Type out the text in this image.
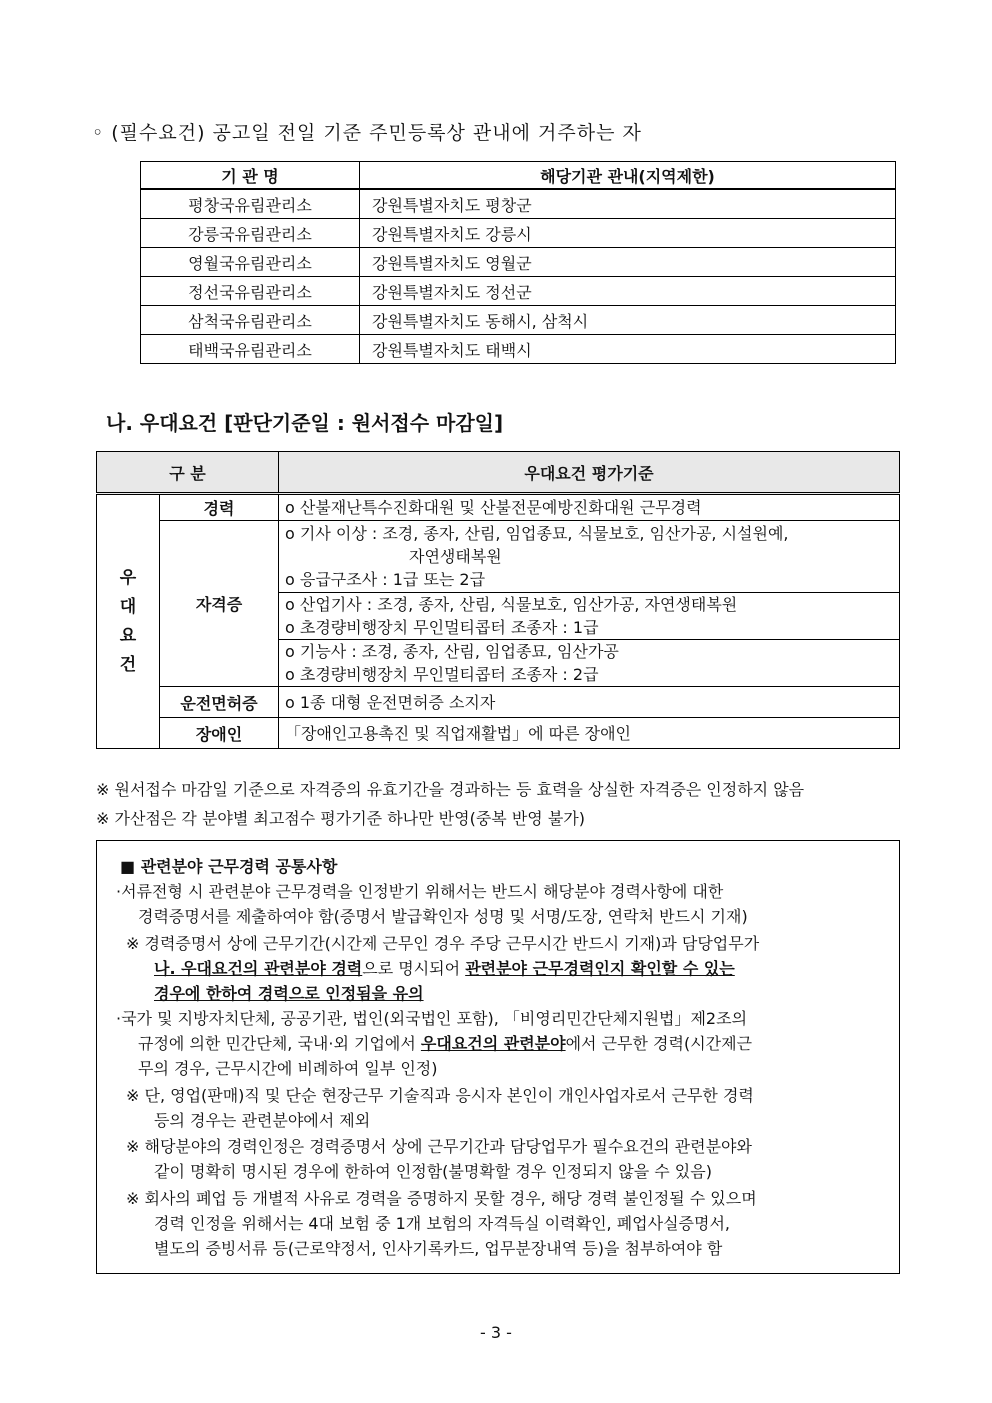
◦ (필수요건) 공고일 전일 기준 주민등록상 관내에 거주하는 자
기 관 명	해당기관 관내(지역제한)
평창국유림관리소	강원특별자치도 평창군
강릉국유림관리소	강원특별자치도 강릉시
영월국유림관리소	강원특별자치도 영월군
정선국유림관리소	강원특별자치도 정선군
삼척국유림관리소	강원특별자치도 동해시, 삼척시
태백국유림관리소	강원특별자치도 태백시
나. 우대요건 [판단기준일 : 원서접수 마감일]
구 분		우대요건 평가기준

우
대
요
건	경력	o 산불재난특수진화대원 및 산불전문예방진화대원 근무경력
	자격증	o 기사 이상 : 조경, 종자, 산림, 임업종묘, 식물보호, 임산가공, 시설원예,
자연생태복원
o 응급구조사 : 1급 또는 2급

		o 산업기사 : 조경, 종자, 산림, 식물보호, 임산가공, 자연생태복원
o 초경량비행장치 무인멀티콥터 조종자 : 1급

		o 기능사 : 조경, 종자, 산림, 임업종묘, 임산가공
o 초경량비행장치 무인멀티콥터 조종자 : 2급

	운전면허증	o 1종 대형 운전면허증 소지자
	장애인	「장애인고용촉진 및 직업재활법」에 따른 장애인
※ 원서접수 마감일 기준으로 자격증의 유효기간을 경과하는 등 효력을 상실한 자격증은 인정하지 않음
※ 가산점은 각 분야별 최고점수 평가기준 하나만 반영(중복 반영 불가)
■ 관련분야 근무경력 공통사항
·서류전형 시 관련분야 근무경력을 인정받기 위해서는 반드시 해당분야 경력사항에 대한
경력증명서를 제출하여야 함(증명서 발급확인자 성명 및 서명/도장, 연락처 반드시 기재)
※ 경력증명서 상에 근무기간(시간제 근무인 경우 주당 근무시간 반드시 기재)과 담당업무가
나. 우대요건의 관련분야 경력으로 명시되어 관련분야 근무경력인지 확인할 수 있는
경우에 한하여 경력으로 인정됨을 유의
·국가 및 지방자치단체, 공공기관, 법인(외국법인 포함), 「비영리민간단체지원법」제2조의
규정에 의한 민간단체, 국내·외 기업에서 우대요건의 관련분야에서 근무한 경력(시간제근
무의 경우, 근무시간에 비례하여 일부 인정)
※ 단, 영업(판매)직 및 단순 현장근무 기술직과 응시자 본인이 개인사업자로서 근무한 경력
등의 경우는 관련분야에서 제외
※ 해당분야의 경력인정은 경력증명서 상에 근무기간과 담당업무가 필수요건의 관련분야와
같이 명확히 명시된 경우에 한하여 인정함(불명확할 경우 인정되지 않을 수 있음)
※ 회사의 폐업 등 개별적 사유로 경력을 증명하지 못할 경우, 해당 경력 불인정될 수 있으며
경력 인정을 위해서는 4대 보험 중 1개 보험의 자격득실 이력확인, 폐업사실증명서,
별도의 증빙서류 등(근로약정서, 인사기록카드, 업무분장내역 등)을 첨부하여야 함
- 3 -
